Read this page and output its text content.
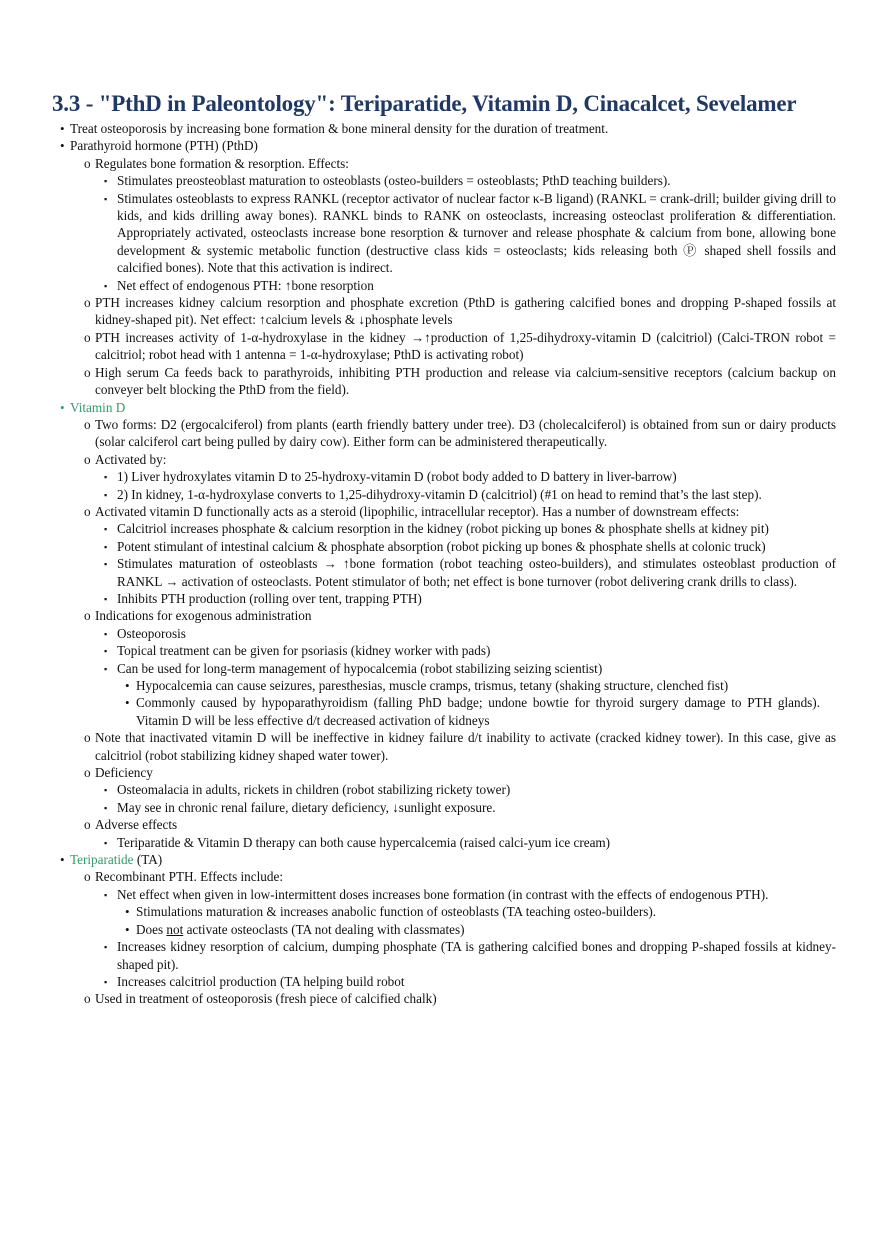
3.3 - "PthD in Paleontology": Teriparatide, Vitamin D, Cinacalcet, Sevelamer
• Treat osteoporosis by increasing bone formation & bone mineral density for the duration of treatment.
• Parathyroid hormone (PTH) (PthD)
o Regulates bone formation & resorption. Effects:
▪ Stimulates preosteoblast maturation to osteoblasts (osteo-builders = osteoblasts; PthD teaching builders).
▪ Stimulates osteoblasts to express RANKL (receptor activator of nuclear factor κ-B ligand) (RANKL = crank-drill; builder giving drill to kids, and kids drilling away bones). RANKL binds to RANK on osteoclasts, increasing osteoclast proliferation & differentiation. Appropriately activated, osteoclasts increase bone resorption & turnover and release phosphate & calcium from bone, allowing bone development & systemic metabolic function (destructive class kids = osteoclasts; kids releasing both Ⓟ shaped shell fossils and calcified bones). Note that this activation is indirect.
▪ Net effect of endogenous PTH: ↑bone resorption
o PTH increases kidney calcium resorption and phosphate excretion (PthD is gathering calcified bones and dropping P-shaped fossils at kidney-shaped pit). Net effect: ↑calcium levels & ↓phosphate levels
o PTH increases activity of 1-α-hydroxylase in the kidney →↑production of 1,25-dihydroxy-vitamin D (calcitriol) (Calci-TRON robot = calcitriol; robot head with 1 antenna = 1-α-hydroxylase; PthD is activating robot)
o High serum Ca feeds back to parathyroids, inhibiting PTH production and release via calcium-sensitive receptors (calcium backup on conveyer belt blocking the PthD from the field).
• Vitamin D
o Two forms: D2 (ergocalciferol) from plants (earth friendly battery under tree). D3 (cholecalciferol) is obtained from sun or dairy products (solar calciferol cart being pulled by dairy cow). Either form can be administered therapeutically.
o Activated by:
▪ 1) Liver hydroxylates vitamin D to 25-hydroxy-vitamin D (robot body added to D battery in liver-barrow)
▪ 2) In kidney, 1-α-hydroxylase converts to 1,25-dihydroxy-vitamin D (calcitriol) (#1 on head to remind that’s the last step).
o Activated vitamin D functionally acts as a steroid (lipophilic, intracellular receptor). Has a number of downstream effects:
▪ Calcitriol increases phosphate & calcium resorption in the kidney (robot picking up bones & phosphate shells at kidney pit)
▪ Potent stimulant of intestinal calcium & phosphate absorption (robot picking up bones & phosphate shells at colonic truck)
▪ Stimulates maturation of osteoblasts → ↑bone formation (robot teaching osteo-builders), and stimulates osteoblast production of RANKL → activation of osteoclasts. Potent stimulator of both; net effect is bone turnover (robot delivering crank drills to class).
▪ Inhibits PTH production (rolling over tent, trapping PTH)
o Indications for exogenous administration
▪ Osteoporosis
▪ Topical treatment can be given for psoriasis (kidney worker with pads)
▪ Can be used for long-term management of hypocalcemia (robot stabilizing seizing scientist)
• Hypocalcemia can cause seizures, paresthesias, muscle cramps, trismus, tetany (shaking structure, clenched fist)
• Commonly caused by hypoparathyroidism (falling PhD badge; undone bowtie for thyroid surgery damage to PTH glands). Vitamin D will be less effective d/t decreased activation of kidneys
o Note that inactivated vitamin D will be ineffective in kidney failure d/t inability to activate (cracked kidney tower). In this case, give as calcitriol (robot stabilizing kidney shaped water tower).
o Deficiency
▪ Osteomalacia in adults, rickets in children (robot stabilizing rickety tower)
▪ May see in chronic renal failure, dietary deficiency, ↓sunlight exposure.
o Adverse effects
▪ Teriparatide & Vitamin D therapy can both cause hypercalcemia (raised calci-yum ice cream)
• Teriparatide (TA)
o Recombinant PTH. Effects include:
▪ Net effect when given in low-intermittent doses increases bone formation (in contrast with the effects of endogenous PTH).
• Stimulations maturation & increases anabolic function of osteoblasts (TA teaching osteo-builders).
• Does not activate osteoclasts (TA not dealing with classmates)
▪ Increases kidney resorption of calcium, dumping phosphate (TA is gathering calcified bones and dropping P-shaped fossils at kidney-shaped pit).
▪ Increases calcitriol production (TA helping build robot
o Used in treatment of osteoporosis (fresh piece of calcified chalk)
